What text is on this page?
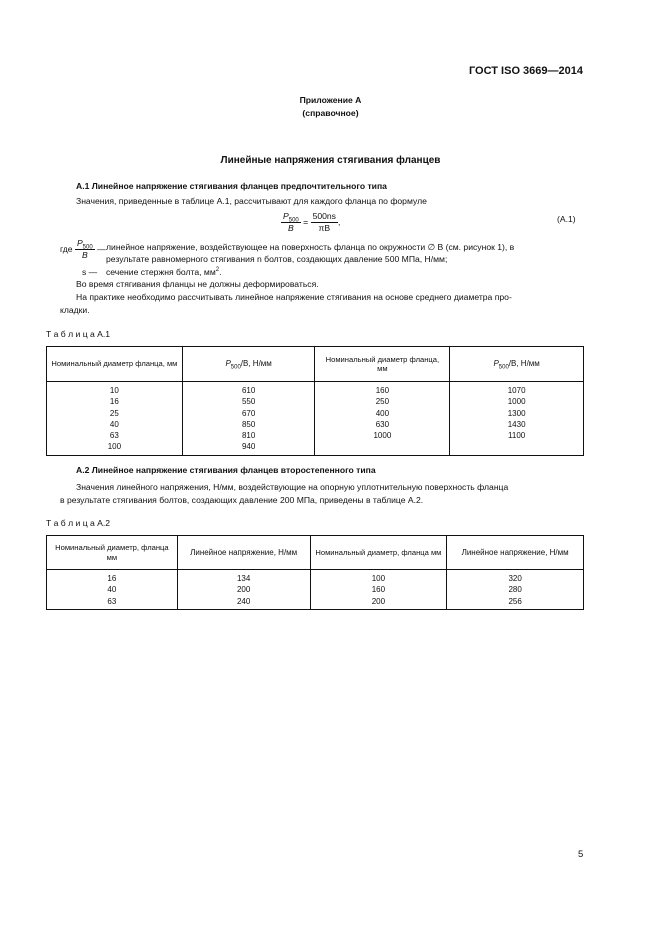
ГОСТ ISO 3669—2014
Приложение А
(справочное)
Линейные напряжения стягивания фланцев
А.1 Линейное напряжение стягивания фланцев предпочтительного типа
Значения, приведенные в таблице А.1, рассчитывают для каждого фланца по формуле
$\frac{P_{500}}{B} = \frac{500ns}{\pi B}$ ,	(А.1)
где $\frac{P_{500}}{B}$ — линейное напряжение, воздействующее на поверхность фланца по окружности ∅ B (см. рисунок 1), в
результате равномерного стягивания n болтов, создающих давление 500 МПа, Н/мм;
s — сечение стержня болта, $мм^2$.
Во время стягивания фланцы не должны деформироваться.
На практике необходимо рассчитывать линейное напряжение стягивания на основе среднего диаметра про-
кладки.
Т а б л и ц а А.1
Номинальный диаметр фланца, мм	$P_{500}/B$, Н/мм	Номинальный диаметр фланца, мм	$P_{500}/B$, Н/мм
10	610	160	1070
16	550	250	1000
25	670	400	1300
40	850	630	1430
63	810	1000	1100
100	940		
А.2 Линейное напряжение стягивания фланцев второстепенного типа
Значения линейного напряжения, Н/мм, воздействующие на опорную уплотнительную поверхность фланца
в результате стягивания болтов, создающих давление 200 МПа, приведены в таблице А.2.
Т а б л и ц а А.2
Номинальный диаметр, фланца мм	Линейное напряжение, Н/мм	Номинальный диаметр, фланца мм	Линейное напряжение, Н/мм
16	134	100	320
40	200	160	280
63	240	200	256
5
